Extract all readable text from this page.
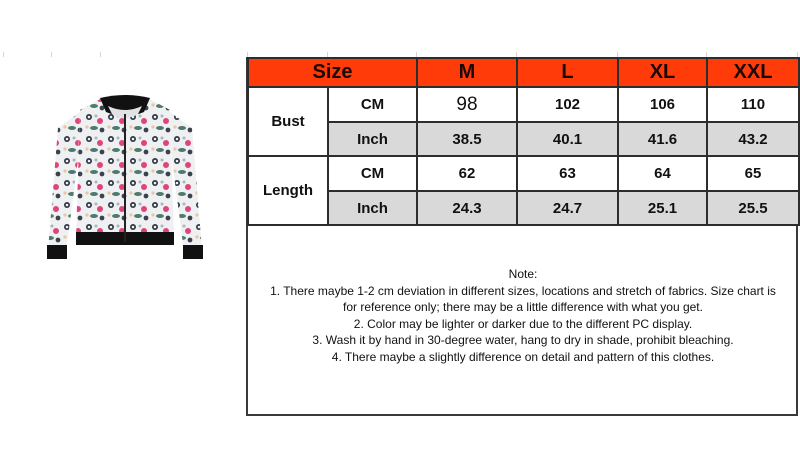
Size		M	L	XL	XXL
Bust	CM	98	102	106	110
	Inch	38.5	40.1	41.6	43.2
Length	CM	62	63	64	65
	Inch	24.3	24.7	25.1	25.5
Note:
1. There maybe 1-2 cm deviation in different sizes, locations and stretch of fabrics. Size chart is
for reference only; there may be a little difference with what you get.
2. Color may be lighter or darker due to the different PC display.
3. Wash it by hand in 30-degree water, hang to dry in shade, prohibit bleaching.
4. There maybe a slightly difference on detail and pattern of this clothes.
